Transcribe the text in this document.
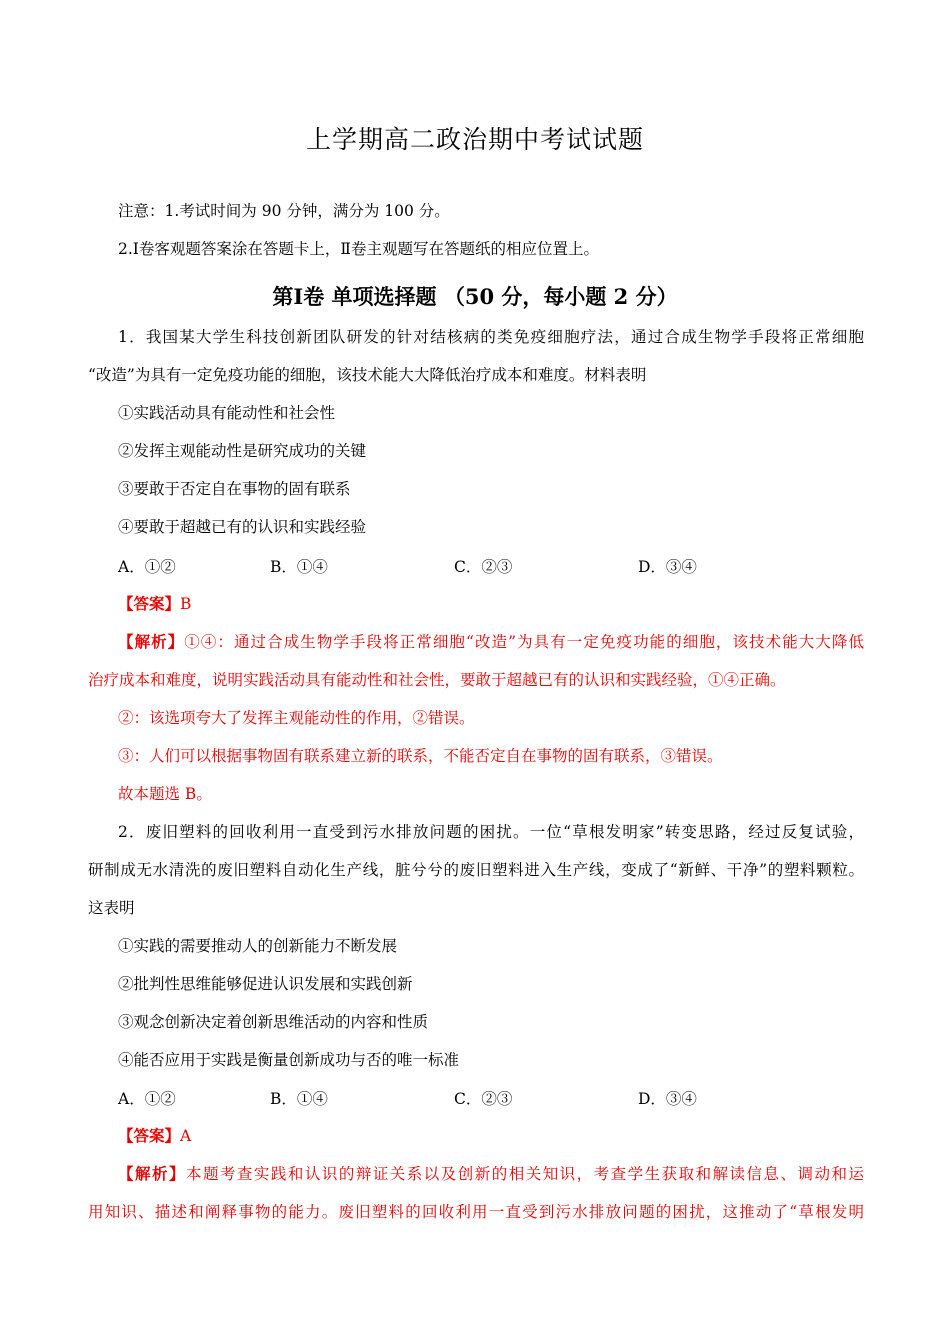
上学期高二政治期中考试试题
注意：1.考试时间为 90 分钟，满分为 100 分。
2.Ⅰ卷客观题答案涂在答题卡上，Ⅱ卷主观题写在答题纸的相应位置上。
第Ⅰ卷 单项选择题 （50 分，每小题 2 分）
1．我国某大学生科技创新团队研发的针对结核病的类免疫细胞疗法，通过合成生物学手段将正常细胞
“改造”为具有一定免疫功能的细胞，该技术能大大降低治疗成本和难度。材料表明
①实践活动具有能动性和社会性
②发挥主观能动性是研究成功的关键
③要敢于否定自在事物的固有联系
④要敢于超越已有的认识和实践经验
A．①②	B．①④	C．②③	D．③④
【答案】B
【解析】①④：通过合成生物学手段将正常细胞“改造”为具有一定免疫功能的细胞，该技术能大大降低
治疗成本和难度，说明实践活动具有能动性和社会性，要敢于超越已有的认识和实践经验，①④正确。
②：该选项夸大了发挥主观能动性的作用，②错误。
③：人们可以根据事物固有联系建立新的联系，不能否定自在事物的固有联系，③错误。
故本题选 B。
2．废旧塑料的回收利用一直受到污水排放问题的困扰。一位“草根发明家”转变思路，经过反复试验，
研制成无水清洗的废旧塑料自动化生产线，脏兮兮的废旧塑料进入生产线，变成了“新鲜、干净”的塑料颗粒。
这表明
①实践的需要推动人的创新能力不断发展
②批判性思维能够促进认识发展和实践创新
③观念创新决定着创新思维活动的内容和性质
④能否应用于实践是衡量创新成功与否的唯一标准
A．①②	B．①④	C．②③	D．③④
【答案】A
【解析】本题考查实践和认识的辩证关系以及创新的相关知识，考查学生获取和解读信息、调动和运
用知识、描述和阐释事物的能力。废旧塑料的回收利用一直受到污水排放问题的困扰，这推动了“草根发明
